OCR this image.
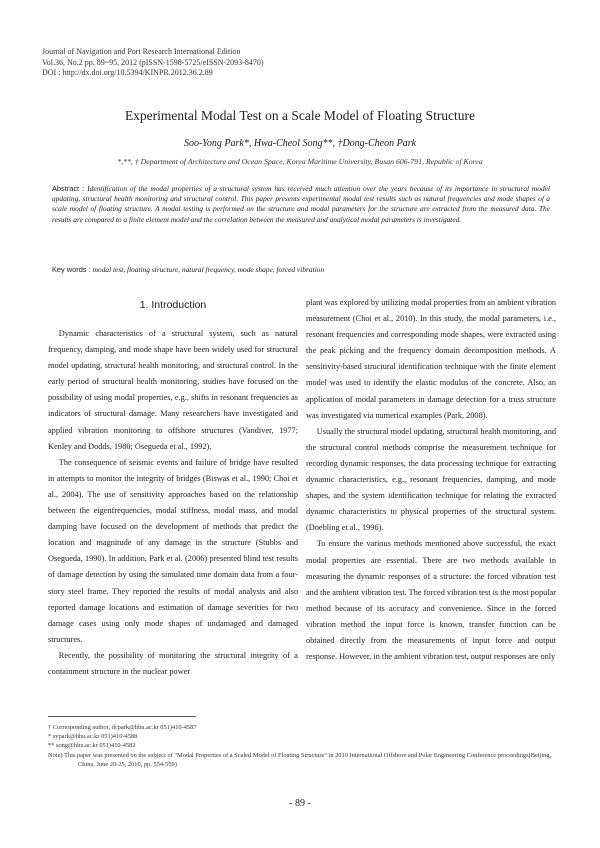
Journal of Navigation and Port Research International Edition
Vol.36, No.2 pp. 89~95, 2012 (pISSN-1598-5725/eISSN-2093-8470)
DOI : http://dx.doi.org/10.5394/KINPR.2012.36.2.89
Experimental Modal Test on a Scale Model of Floating Structure
Soo-Yong Park*, Hwa-Cheol Song**, †Dong-Cheon Park
*,**, † Department of Architecture and Ocean Space, Korea Maritime University, Busan 606-791, Republic of Korea
Abstract : Identification of the modal properties of a structural system has received much attention over the years because of its importance in structural model updating, structural health monitoring and structural control. This paper presents experimental modal test results such as natural frequencies and mode shapes of a scale model of floating structure. A modal testing is performed on the structure and modal parameters for the structure are extracted from the measured data. The results are compared to a finite element model and the correlation between the measured and analytical modal parameters is investigated.
Key words : modal test, floating structure, natural frequency, mode shape, forced vibration

1. Introduction

Dynamic characteristics of a structural system, such as natural frequency, damping, and mode shape have been widely used for structural model updating, structural health monitoring, and structural control. In the early period of structural health monitoring, studies have focused on the possibility of using modal properties, e.g., shifts in resonant frequencies as indicators of structural damage. Many researchers have investigated and applied vibration monitoring to offshore structures (Vandiver, 1977; Kenley and Dodds, 1980; Osegueda et al., 1992).

The consequence of seismic events and failure of bridge have resulted in attempts to monitor the integrity of bridges (Biswas et al., 1990; Choi et al., 2004). The use of sensitivity approaches based on the relationship between the eigenfrequencies, modal stiffness, modal mass, and modal damping have focused on the development of methods that predict the location and magnitude of any damage in the structure (Stubbs and Osegueda, 1990). In addition, Park et al. (2006) presented blind test results of damage detection by using the simulated time domain data from a four-story steel frame. They reported the results of modal analysis and also reported damage locations and estimation of damage severities for two damage cases using only mode shapes of undamaged and damaged structures.

Recently, the possibility of monitoring the structural integrity of a containment structure in the nuclear power

plant was explored by utilizing modal properties from an ambient vibration measurement (Choi et al., 2010). In this study, the modal parameters, i.e., resonant frequencies and corresponding mode shapes, were extracted using the peak picking and the frequency domain decomposition methods. A sensitivity-based structural identification technique with the finite element model was used to identify the elastic modulus of the concrete. Also, an application of modal parameters in damage detection for a truss structure was investigated via numerical examples (Park, 2008).

Usually the structural model updating, structural health monitoring, and the structural control methods comprise the measurement technique for recording dynamic responses, the data processing technique for extracting dynamic characteristics, e.g., resonant frequencies, damping, and mode shapes, and the system identification technique for relating the extracted dynamic characteristics to physical properties of the structural system. (Doebling et al., 1996).

To ensure the various methods mentioned above successful, the exact modal properties are essential. There are two methods available in measuring the dynamic responses of a structure: the forced vibration test and the ambient vibration test. The forced vibration test is the most popular method because of its accuracy and convenience. Since in the forced vibration method the input force is known, transfer function can be obtained directly from the measurements of input force and output response. However, in the ambient vibration test, output responses are only

† Corresponding author, dcpark@hhu.ac.kr 051)410-4587
* sypark@hhu.ac.kr 051)410-4588
** song@hhu.ac.kr 051)410-4582
Note) This paper was presented on the subject of "Modal Properties of a Scaled Model of Floating Structure" in 2010 International Offshore and Polar Engineering Conference proceedings(Beijing, China, June 20-25, 2010, pp. 554-559)
- 89 -
